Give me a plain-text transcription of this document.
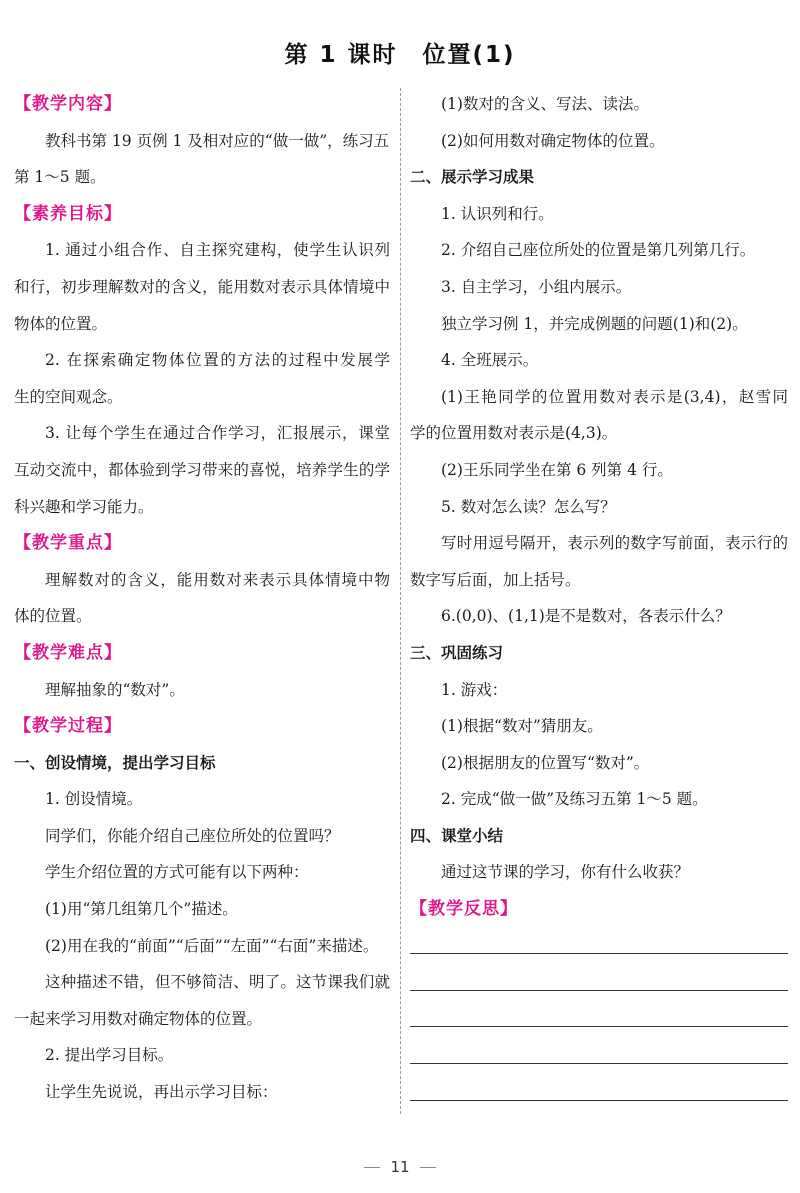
第 1 课时　位置(1)
【教学内容】
教科书第 19 页例 1 及相对应的“做一做”，练习五
第 1～5 题。
【素养目标】
1. 通过小组合作、自主探究建构，使学生认识列
和行，初步理解数对的含义，能用数对表示具体情境中
物体的位置。
2. 在探索确定物体位置的方法的过程中发展学
生的空间观念。
3. 让每个学生在通过合作学习，汇报展示，课堂
互动交流中，都体验到学习带来的喜悦，培养学生的学
科兴趣和学习能力。
【教学重点】
理解数对的含义，能用数对来表示具体情境中物
体的位置。
【教学难点】
理解抽象的“数对”。
【教学过程】
一、创设情境，提出学习目标
1. 创设情境。
同学们，你能介绍自己座位所处的位置吗？
学生介绍位置的方式可能有以下两种：
(1)用“第几组第几个”描述。
(2)用在我的“前面”“后面”“左面”“右面”来描述。
这种描述不错，但不够简洁、明了。这节课我们就
一起来学习用数对确定物体的位置。
2. 提出学习目标。
让学生先说说，再出示学习目标：
(1)数对的含义、写法、读法。
(2)如何用数对确定物体的位置。
二、展示学习成果
1. 认识列和行。
2. 介绍自己座位所处的位置是第几列第几行。
3. 自主学习，小组内展示。
独立学习例 1，并完成例题的问题(1)和(2)。
4. 全班展示。
(1)王艳同学的位置用数对表示是(3,4)，赵雪同
学的位置用数对表示是(4,3)。
(2)王乐同学坐在第 6 列第 4 行。
5. 数对怎么读？怎么写？
写时用逗号隔开，表示列的数字写前面，表示行的
数字写后面，加上括号。
6.(0,0)、(1,1)是不是数对，各表示什么？
三、巩固练习
1. 游戏：
(1)根据“数对”猜朋友。
(2)根据朋友的位置写“数对”。
2. 完成“做一做”及练习五第 1～5 题。
四、课堂小结
通过这节课的学习，你有什么收获？
【教学反思】
11
